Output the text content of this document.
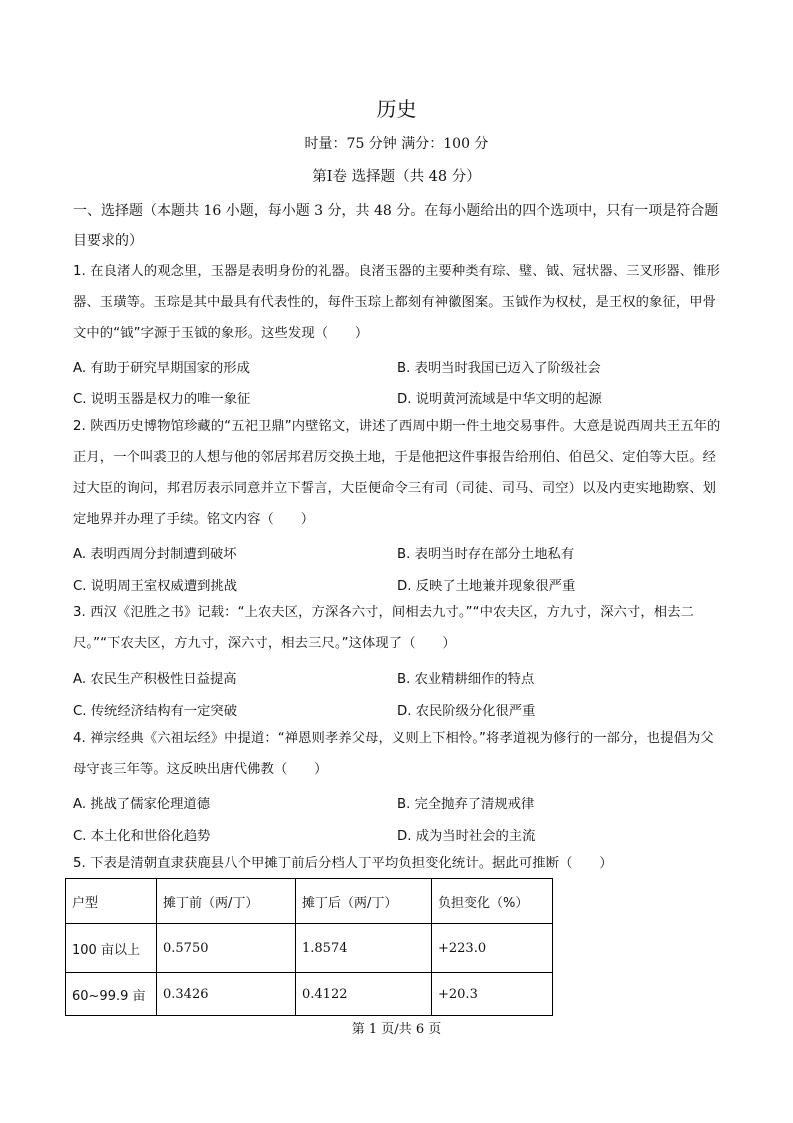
历史
时量：75 分钟 满分：100 分
第Ⅰ卷 选择题（共 48 分）

一、选择题（本题共 16 小题，每小题 3 分，共 48 分。在每小题给出的四个选项中，只有一项是符合题目要求的）

1. 在良渚人的观念里，玉器是表明身份的礼器。良渚玉器的主要种类有琮、璧、钺、冠状器、三叉形器、锥形器、玉璜等。玉琮是其中最具有代表性的，每件玉琮上都刻有神徽图案。玉钺作为权杖，是王权的象征，甲骨文中的“钺”字源于玉钺的象形。这些发现（　　）

A. 有助于研究早期国家的形成	B. 表明当时我国已迈入了阶级社会
C. 说明玉器是权力的唯一象征	D. 说明黄河流域是中华文明的起源

2. 陕西历史博物馆珍藏的“五祀卫鼎”内壁铭文，讲述了西周中期一件土地交易事件。大意是说西周共王五年的正月，一个叫裘卫的人想与他的邻居邦君厉交换土地，于是他把这件事报告给刑伯、伯邑父、定伯等大臣。经过大臣的询问，邦君厉表示同意并立下誓言，大臣便命令三有司（司徒、司马、司空）以及内吏实地勘察、划定地界并办理了手续。铭文内容（　　）

A. 表明西周分封制遭到破坏	B. 表明当时存在部分土地私有
C. 说明周王室权威遭到挑战	D. 反映了土地兼并现象很严重

3. 西汉《氾胜之书》记载：“上农夫区，方深各六寸，间相去九寸。”“中农夫区，方九寸，深六寸，相去二尺。”“下农夫区，方九寸，深六寸，相去三尺。”这体现了（　　）

A. 农民生产积极性日益提高	B. 农业精耕细作的特点
C. 传统经济结构有一定突破	D. 农民阶级分化很严重

4. 禅宗经典《六祖坛经》中提道：“禅恩则孝养父母，义则上下相怜。”将孝道视为修行的一部分，也提倡为父母守丧三年等。这反映出唐代佛教（　　）

A. 挑战了儒家伦理道德	B. 完全抛弃了清规戒律
C. 本土化和世俗化趋势	D. 成为当时社会的主流

5. 下表是清朝直隶获鹿县八个甲摊丁前后分档人丁平均负担变化统计。据此可推断（　　）

户型	摊丁前（两/丁）	摊丁后（两/丁）	负担变化（%）
100 亩以上	0.5750	1.8574	+223.0
60~99.9 亩	0.3426	0.4122	+20.3
第 1 页/共 6 页
